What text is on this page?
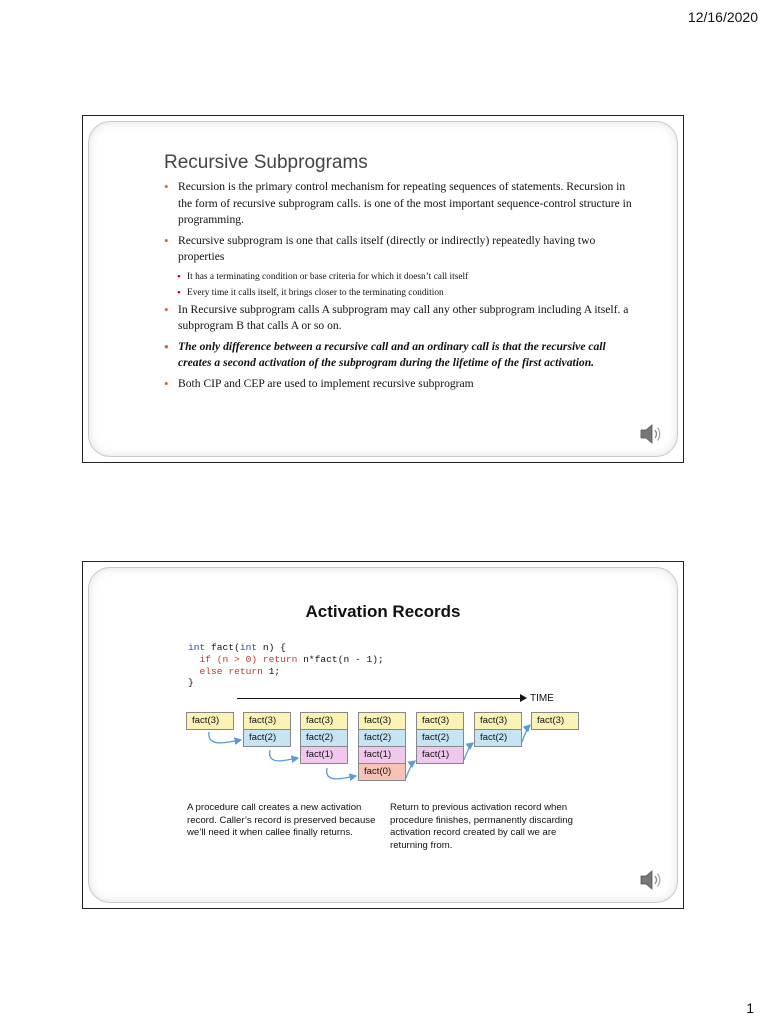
12/16/2020
Recursive Subprograms
• Recursion is the primary control mechanism for repeating sequences of statements. Recursion in the form of recursive subprogram calls. is one of the most important sequence-control structure in programming.
• Recursive subprogram is one that calls itself (directly or indirectly) repeatedly having two properties
• It has a terminating condition or base criteria for which it doesn’t call itself
• Every time it calls itself, it brings closer to the terminating condition
• In Recursive subprogram calls A subprogram may call any other subprogram including A itself. a subprogram B that calls A or so on.
• The only difference between a recursive call and an ordinary call is that the recursive call creates a second activation of the subprogram during the lifetime of the first activation.
• Both CIP and CEP are used to implement recursive subprogram
Activation Records
int fact(int n) {
if (n > 0) return n*fact(n - 1);
else return 1;
}
TIME
fact(3)	fact(3)
fact(2)
fact(3)
fact(2)
fact(1)
fact(3)
fact(2)
fact(1)
fact(0)
fact(3)
fact(2)
fact(1)
fact(3)
fact(2)
fact(3)
A procedure call creates a new activation record. Caller’s record is preserved because we’ll need it when callee finally returns.
Return to previous activation record when procedure finishes, permanently discarding activation record created by call we are returning from.
1
